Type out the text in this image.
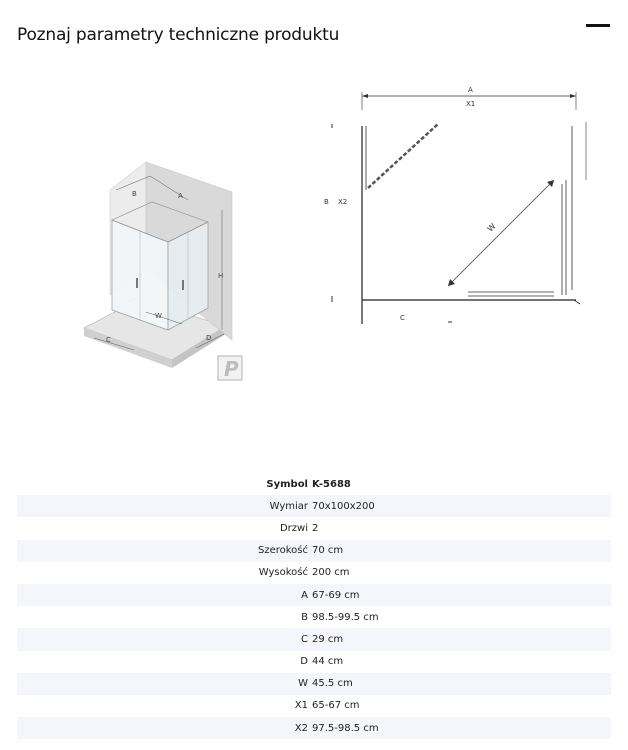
Poznaj parametry techniczne produktu
B	A
H
W
C	D
P
A
X1
W
B X2
C
Symbol K-5688
Wymiar 70x100x200
Drzwi 2
Szerokość 70 cm
Wysokość 200 cm
A 67-69 cm
B 98.5-99.5 cm
C 29 cm
D 44 cm
W 45.5 cm
X1 65-67 cm
X2 97.5-98.5 cm
